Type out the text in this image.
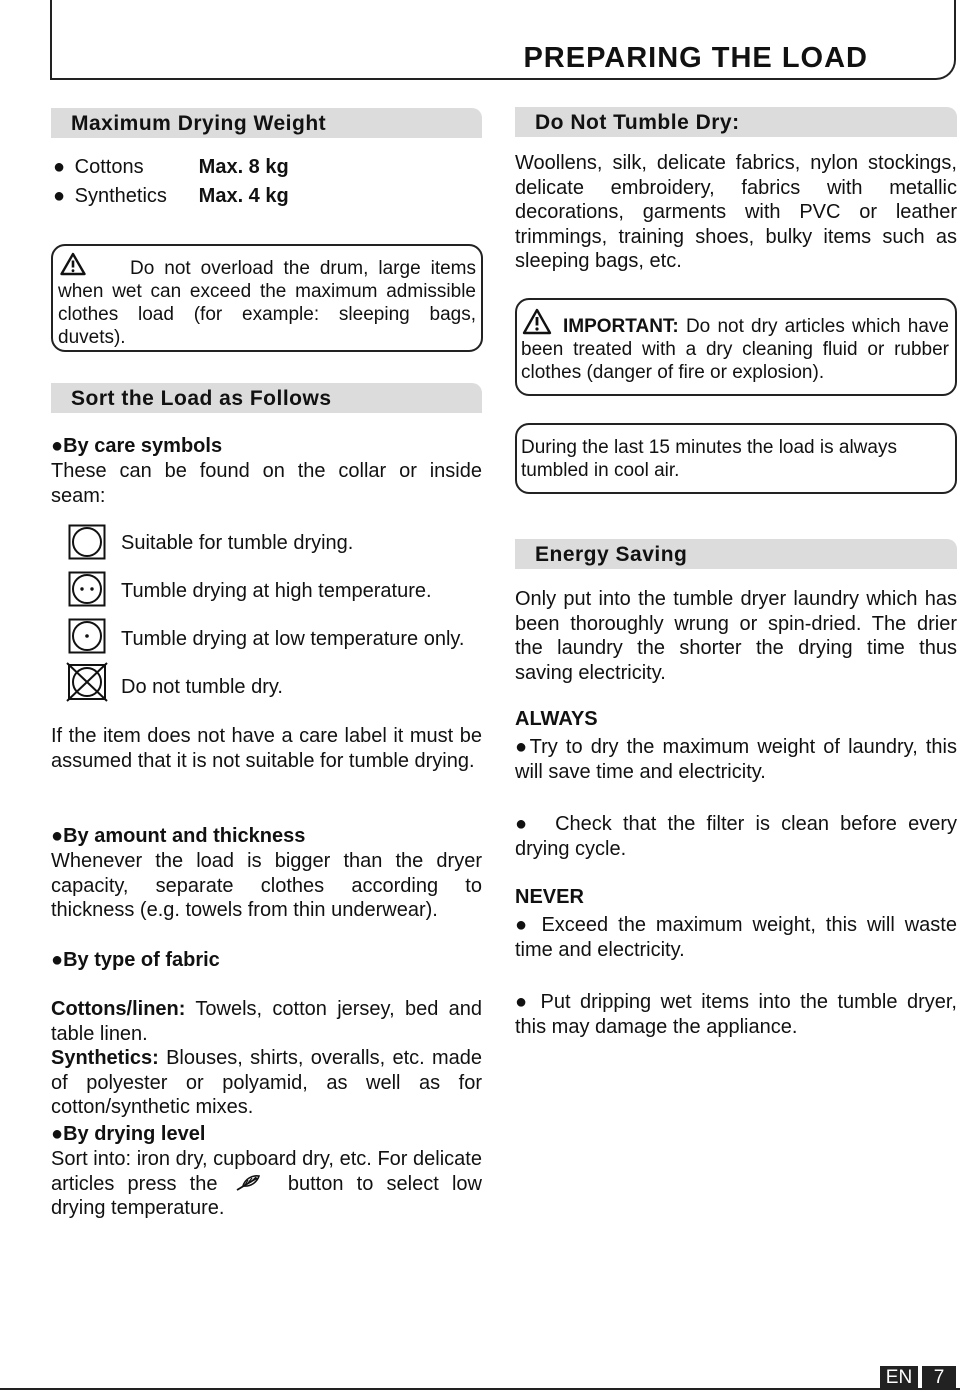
PREPARING THE LOAD
Maximum Drying Weight
● Cottons	Max. 8 kg
● Synthetics Max. 4 kg
Do not overload the drum, large items when wet can exceed the maximum admissible clothes load (for example: sleeping bags, duvets).
Sort the Load as Follows
●By care symbols
These can be found on the collar or inside seam:
Suitable for tumble drying.
Tumble drying at high temperature.
Tumble drying at low temperature only.
Do not tumble dry.
If the item does not have a care label it must be assumed that it is not suitable for tumble drying.
●By amount and thickness
Whenever the load is bigger than the dryer capacity, separate clothes according to thickness (e.g. towels from thin underwear).
●By type of fabric
Cottons/linen: Towels, cotton jersey, bed and table linen.
Synthetics: Blouses, shirts, overalls, etc. made of polyester or polyamid, as well as for cotton/synthetic mixes.
●By drying level
Sort into: iron dry, cupboard dry, etc. For delicate articles press the	button to select low drying temperature.
Do Not Tumble Dry:
Woollens, silk, delicate fabrics, nylon stockings, delicate embroidery, fabrics with metallic decorations, garments with PVC or leather trimmings, training shoes, bulky items such as sleeping bags, etc.
IMPORTANT: Do not dry articles which have been treated with a dry cleaning fluid or rubber clothes (danger of fire or explosion).
During the last 15 minutes the load is always tumbled in cool air.
Energy Saving
Only put into the tumble dryer laundry which has been thoroughly wrung or spin-dried. The drier the laundry the shorter the drying time thus saving electricity.
ALWAYS
●Try to dry the maximum weight of laundry, this will save time and electricity.
● Check that the filter is clean before every drying cycle.
NEVER
● Exceed the maximum weight, this will waste time and electricity.
● Put dripping wet items into the tumble dryer, this may damage the appliance.
EN	7
